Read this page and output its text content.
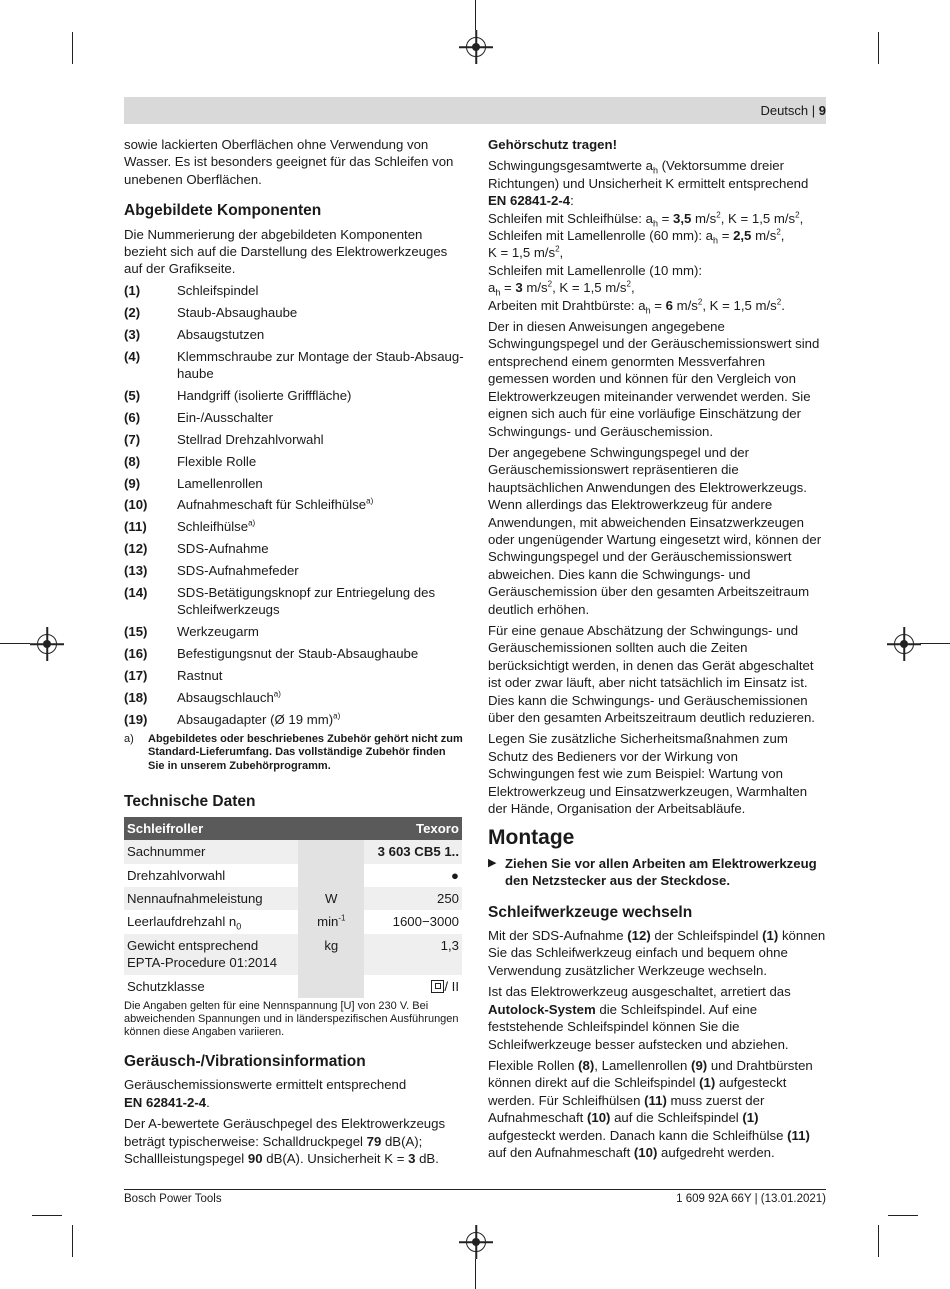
Deutsch | 9

sowie lackierten Oberflächen ohne Verwendung von Wasser. Es ist besonders geeignet für das Schleifen von unebenen Oberflächen.

Abgebildete Komponenten

Die Nummerierung der abgebildeten Komponenten bezieht sich auf die Darstellung des Elektrowerkzeuges auf der Grafikseite.

(1)	Schleifspindel
(2)	Staub-Absaughaube
(3)	Absaugstutzen
(4)	Klemmschraube zur Montage der Staub-Absaug-haube
(5)	Handgriff (isolierte Grifffläche)
(6)	Ein-/Ausschalter
(7)	Stellrad Drehzahlvorwahl
(8)	Flexible Rolle
(9)	Lamellenrollen
(10)	Aufnahmeschaft für Schleifhülse$^{a)}$
(11)	Schleifhülse$^{a)}$
(12)	SDS-Aufnahme
(13)	SDS-Aufnahmefeder
(14)	SDS-Betätigungsknopf zur Entriegelung des Schleifwerkzeugs
(15)	Werkzeugarm
(16)	Befestigungsnut der Staub-Absaughaube
(17)	Rastnut
(18)	Absaugschlauch$^{a)}$
(19)	Absaugadapter (Ø 19 mm)$^{a)}$
a)	Abgebildetes oder beschriebenes Zubehör gehört nicht zum Standard-Lieferumfang. Das vollständige Zubehör finden Sie in unserem Zubehörprogramm.
Technische Daten
Schleifroller		Texoro
Sachnummer		3 603 CB5 1..
Drehzahlvorwahl		●
Nennaufnahmeleistung	W	250
Leerlaufdrehzahl $n_0$	$\min^{-1}$	1600−3000
Gewicht entsprechend EPTA-Procedure 01:2014	kg	1,3
Schutzklasse		/ II
Die Angaben gelten für eine Nennspannung [U] von 230 V. Bei abweichenden Spannungen und in länderspezifischen Ausführungen können diese Angaben variieren.
Geräusch-/Vibrationsinformation

Geräuschemissionswerte ermittelt entsprechend
EN 62841-2-4.

Der A-bewertete Geräuschpegel des Elektrowerkzeugs beträgt typischerweise: Schalldruckpegel 79 dB(A); Schallleistungspegel 90 dB(A). Unsicherheit K = 3 dB.

Gehörschutz tragen!

Schwingungsgesamtwerte $a_h$ (Vektorsumme dreier Richtungen) und Unsicherheit K ermittelt entsprechend
EN 62841-2-4:
Schleifen mit Schleifhülse: $a_h = 3,5$ $m/s^2$, K = 1,5 $m/s^2$,
Schleifen mit Lamellenrolle (60 mm): $a_h = 2,5$ $m/s^2$,
K = 1,5 $m/s^2$,
Schleifen mit Lamellenrolle (10 mm):
$a_h = 3$ $m/s^2$, K = 1,5 $m/s^2$,
Arbeiten mit Drahtbürste: $a_h = 6$ $m/s^2$, K = 1,5 $m/s^2$.

Der in diesen Anweisungen angegebene Schwingungspegel und der Geräuschemissionswert sind entsprechend einem genormten Messverfahren gemessen worden und können für den Vergleich von Elektrowerkzeugen miteinander verwendet werden. Sie eignen sich auch für eine vorläufige Einschätzung der Schwingungs- und Geräuschemission.

Der angegebene Schwingungspegel und der Geräuschemissionswert repräsentieren die hauptsächlichen Anwendungen des Elektrowerkzeugs. Wenn allerdings das Elektrowerkzeug für andere Anwendungen, mit abweichenden Einsatzwerkzeugen oder ungenügender Wartung eingesetzt wird, können der Schwingungspegel und der Geräuschemissionswert abweichen. Dies kann die Schwingungs- und Geräuschemission über den gesamten Arbeitszeitraum deutlich erhöhen.

Für eine genaue Abschätzung der Schwingungs- und Geräuschemissionen sollten auch die Zeiten berücksichtigt werden, in denen das Gerät abgeschaltet ist oder zwar läuft, aber nicht tatsächlich im Einsatz ist. Dies kann die Schwingungs- und Geräuschemissionen über den gesamten Arbeitszeitraum deutlich reduzieren.

Legen Sie zusätzliche Sicherheitsmaßnahmen zum Schutz des Bedieners vor der Wirkung von Schwingungen fest wie zum Beispiel: Wartung von Elektrowerkzeug und Einsatzwerkzeugen, Warmhalten der Hände, Organisation der Arbeitsabläufe.

Montage
▶ Ziehen Sie vor allen Arbeiten am Elektrowerkzeug den Netzstecker aus der Steckdose.
Schleifwerkzeuge wechseln

Mit der SDS-Aufnahme (12) der Schleifspindel (1) können Sie das Schleifwerkzeug einfach und bequem ohne Verwendung zusätzlicher Werkzeuge wechseln.

Ist das Elektrowerkzeug ausgeschaltet, arretiert das Autolock-System die Schleifspindel. Auf eine feststehende Schleifspindel können Sie die Schleifwerkzeuge besser aufstecken und abziehen.

Flexible Rollen (8), Lamellenrollen (9) und Drahtbürsten können direkt auf die Schleifspindel (1) aufgesteckt werden. Für Schleifhülsen (11) muss zuerst der Aufnahmeschaft (10) auf die Schleifspindel (1) aufgesteckt werden. Danach kann die Schleifhülse (11) auf den Aufnahmeschaft (10) aufgedreht werden.

Bosch Power Tools	1 609 92A 66Y | (13.01.2021)
